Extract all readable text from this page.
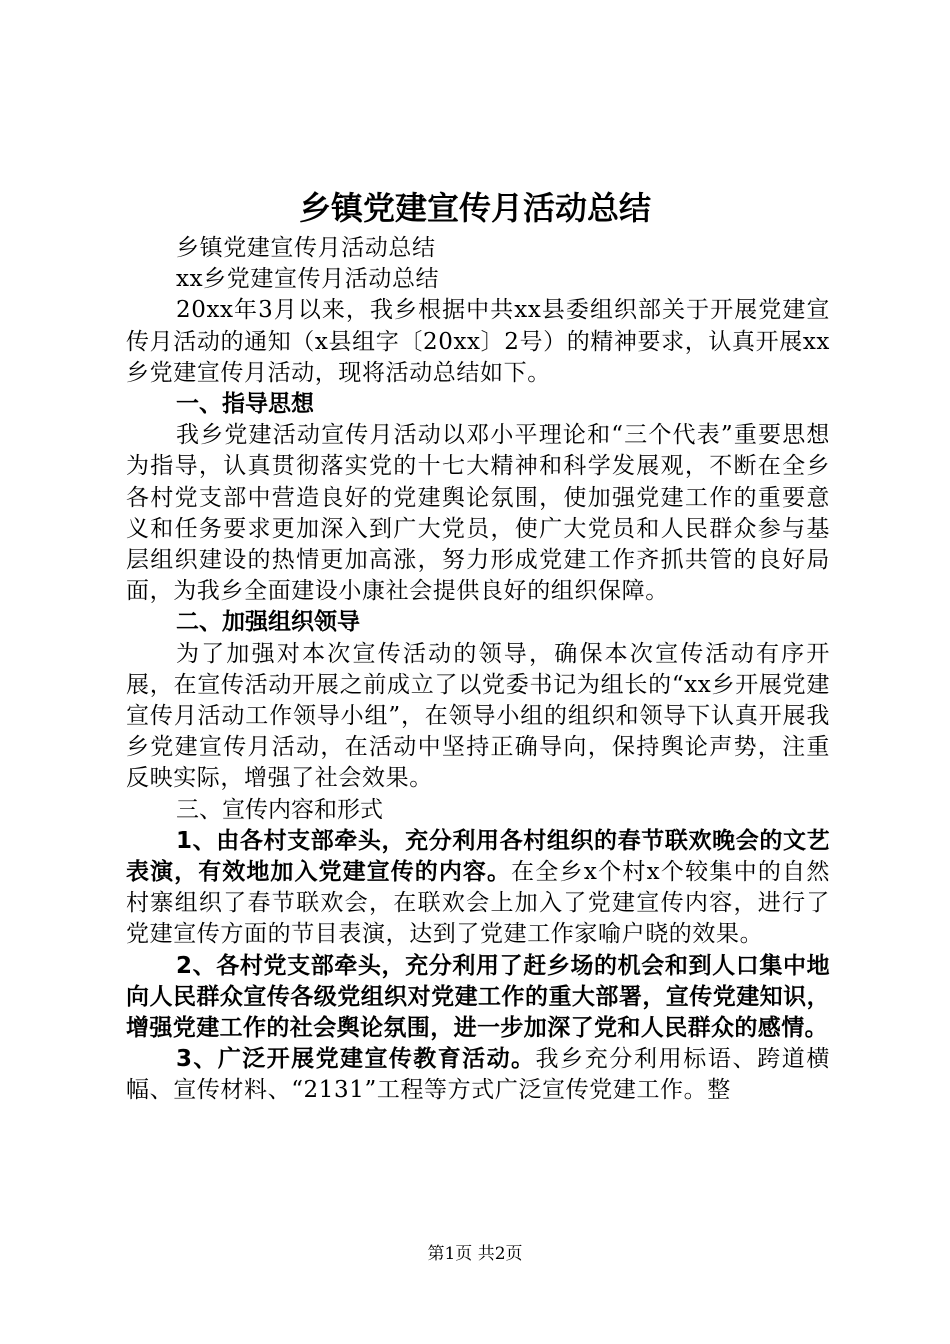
乡镇党建宣传月活动总结

乡镇党建宣传月活动总结

xx乡党建宣传月活动总结

20xx年3月以来，我乡根据中共xx县委组织部关于开展党建宣传月活动的通知（x县组字〔20xx〕2号）的精神要求，认真开展xx乡党建宣传月活动，现将活动总结如下。

一、指导思想

我乡党建活动宣传月活动以邓小平理论和“三个代表”重要思想为指导，认真贯彻落实党的十七大精神和科学发展观，不断在全乡各村党支部中营造良好的党建舆论氛围，使加强党建工作的重要意义和任务要求更加深入到广大党员，使广大党员和人民群众参与基层组织建设的热情更加高涨，努力形成党建工作齐抓共管的良好局面，为我乡全面建设小康社会提供良好的组织保障。

二、加强组织领导

为了加强对本次宣传活动的领导，确保本次宣传活动有序开展，在宣传活动开展之前成立了以党委书记为组长的“xx乡开展党建宣传月活动工作领导小组”，在领导小组的组织和领导下认真开展我乡党建宣传月活动，在活动中坚持正确导向，保持舆论声势，注重反映实际，增强了社会效果。

三、宣传内容和形式

1、由各村支部牵头，充分利用各村组织的春节联欢晚会的文艺表演，有效地加入党建宣传的内容。在全乡x个村x个较集中的自然村寨组织了春节联欢会，在联欢会上加入了党建宣传内容，进行了党建宣传方面的节目表演，达到了党建工作家喻户晓的效果。

2、各村党支部牵头，充分利用了赶乡场的机会和到人口集中地向人民群众宣传各级党组织对党建工作的重大部署，宣传党建知识，增强党建工作的社会舆论氛围，进一步加深了党和人民群众的感情。

3、广泛开展党建宣传教育活动。我乡充分利用标语、跨道横幅、宣传材料、“2131”工程等方式广泛宣传党建工作。整

第1页 共2页
